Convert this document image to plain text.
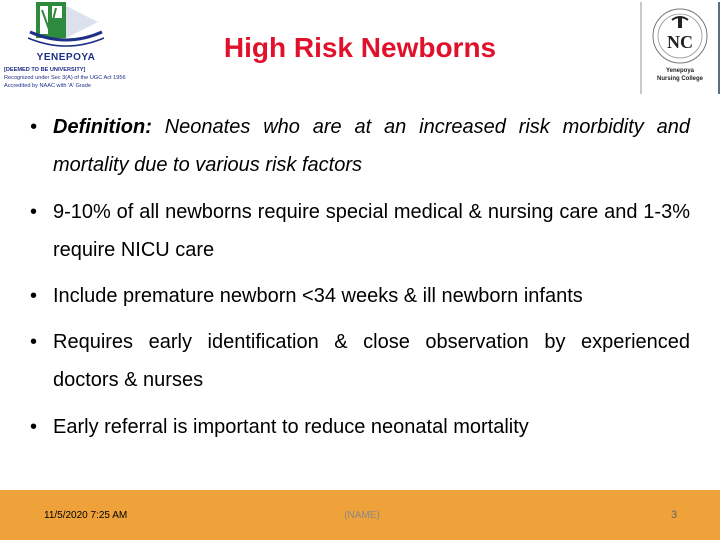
YENEPOYA
[DEEMED TO BE UNIVERSITY]
Recognized under Sec 3(A) of the UGC Act 1956
Accredited by NAAC with 'A' Grade
High Risk Newborns	NC
Yenepoya
Nursing College
• Definition: Neonates who are at an increased risk morbidity and mortality due to various risk factors
• 9-10% of all newborns require special medical & nursing care and 1-3% require NICU care
• Include premature newborn <34 weeks & ill newborn infants
• Requires early identification & close observation by experienced doctors & nurses
• Early referral is important to reduce neonatal mortality
11/5/2020 7:25 AM	(NAME)	3
